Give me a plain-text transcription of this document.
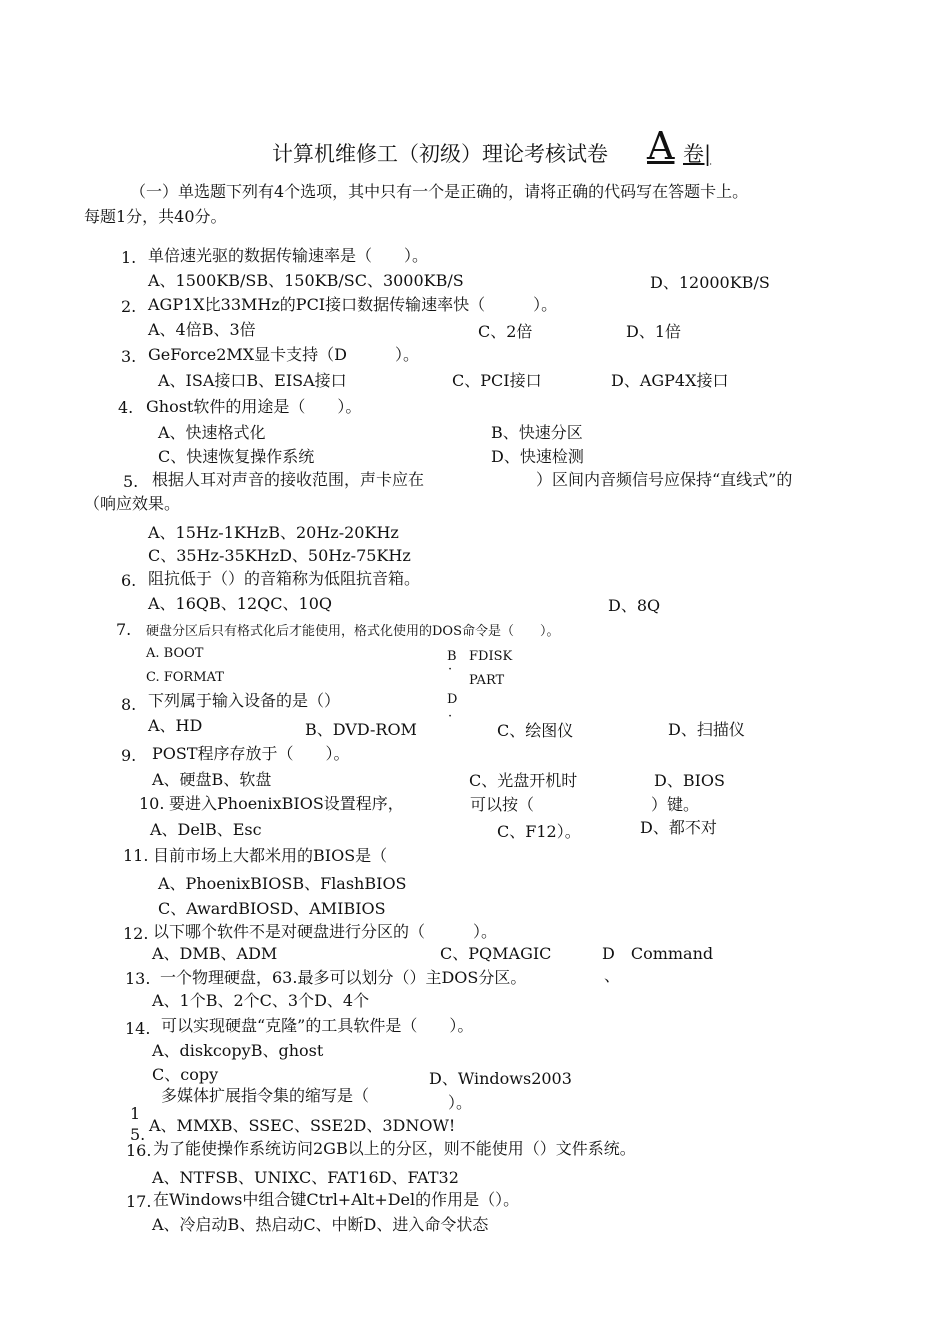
计算机维修工（初级）理论考核试卷 A 卷|
（一）单选题下列有4个选项，其中只有一个是正确的，请将正确的代码写在答题卡上。
每题1分，共40分。
1. 单倍速光驱的数据传输速率是（　　）。
A、1500KB/SB、150KB/SC、3000KB/S	D、12000KB/S
2. AGP1X比33MHz的PCI接口数据传输速率快（　　　）。
A、4倍B、3倍	C、2倍	D、1倍
3. GeForce2MX显卡支持（D　　　）。
A、ISA接口B、EISA接口	C、PCI接口	D、AGP4X接口
4. Ghost软件的用途是（　　）。
A、快速格式化	B、快速分区
C、快速恢复操作系统	D、快速检测
5. 根据人耳对声音的接收范围，声卡应在	）区间内音频信号应保持“直线式”的
（响应效果。
A、15Hz-1KHzB、20Hz-20KHz
C、35Hz-35KHzD、50Hz-75KHz
6. 阻抗低于（）的音箱称为低阻抗音箱。
A、16QB、12QC、10Q	D、8Q
7. 硬盘分区后只有格式化后才能使用，格式化使用的DOS命令是（　　）。
A. BOOT	B FDISK
·
C. FORMAT	PART
8. 下列属于输入设备的是（）	D
·
A、HD	B、DVD-ROM	C、绘图仪	D、扫描仪
9. POST程序存放于（　　）。
A、硬盘B、软盘	C、光盘开机时	D、BIOS
10. 要进入PhoenixBIOS设置程序，	可以按（	）键。
A、DelB、Esc	C、F12）。	D、都不对
11. 目前市场上大都米用的BIOS是（
A、PhoenixBIOSB、FlashBIOS
C、AwardBIOSD、AMIBIOS
12. 以下哪个软件不是对硬盘进行分区的（　　　）。
A、DMB、ADM	C、PQMAGIC	D　Command
13. 一个物理硬盘，63.最多可以划分（）主DOS分区。	、
A、1个B、2个C、3个D、4个
14. 可以实现硬盘“克隆”的工具软件是（　　）。
A、diskcopyB、ghost
C、copy	D、Windows2003
多媒体扩展指令集的缩写是（	）。
1
5. A、MMXB、SSEC、SSE2D、3DNOW!
16. 为了能使操作系统访问2GB以上的分区，则不能使用（）文件系统。
A、NTFSB、UNIXC、FAT16D、FAT32
17. 在Windows中组合键Ctrl+Alt+Del的作用是（）。
A、冷启动B、热启动C、中断D、进入命令状态
